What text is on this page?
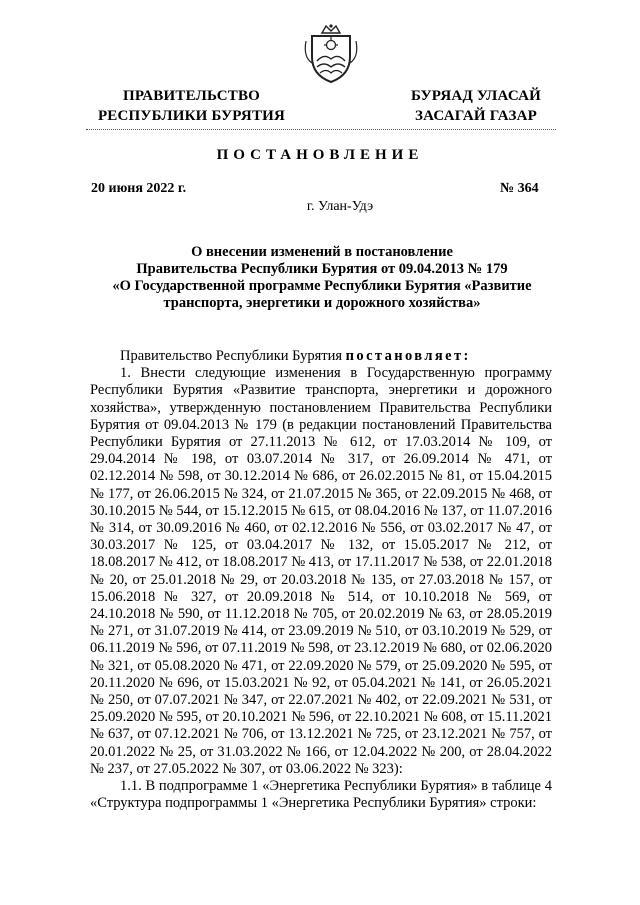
ПРАВИТЕЛЬСТВО
РЕСПУБЛИКИ БУРЯТИЯ
БУРЯАД УЛАСАЙ
ЗАСАГАЙ ГАЗАР
ПОСТАНОВЛЕНИЕ
20 июня 2022 г.	№ 364
г. Улан-Удэ
О внесении изменений в постановление
Правительства Республики Бурятия от 09.04.2013 № 179
«О Государственной программе Республики Бурятия «Развитие
транспорта, энергетики и дорожного хозяйства»

Правительство Республики Бурятия постановляет:

1. Внести следующие изменения в Государственную программу Республики Бурятия «Развитие транспорта, энергетики и дорожного хозяйства», утвержденную постановлением Правительства Республики Бурятия от 09.04.2013 № 179 (в редакции постановлений Правительства Республики Бурятия от 27.11.2013 № 612, от 17.03.2014 № 109, от 29.04.2014 № 198, от 03.07.2014 № 317, от 26.09.2014 № 471, от 02.12.2014 № 598, от 30.12.2014 № 686, от 26.02.2015 № 81, от 15.04.2015 № 177, от 26.06.2015 № 324, от 21.07.2015 № 365, от 22.09.2015 № 468, от 30.10.2015 № 544, от 15.12.2015 № 615, от 08.04.2016 № 137, от 11.07.2016 № 314, от 30.09.2016 № 460, от 02.12.2016 № 556, от 03.02.2017 № 47, от 30.03.2017 № 125, от 03.04.2017 № 132, от 15.05.2017 № 212, от 18.08.2017 № 412, от 18.08.2017 № 413, от 17.11.2017 № 538, от 22.01.2018 № 20, от 25.01.2018 № 29, от 20.03.2018 № 135, от 27.03.2018 № 157, от 15.06.2018 № 327, от 20.09.2018 № 514, от 10.10.2018 № 569, от 24.10.2018 № 590, от 11.12.2018 № 705, от 20.02.2019 № 63, от 28.05.2019 № 271, от 31.07.2019 № 414, от 23.09.2019 № 510, от 03.10.2019 № 529, от 06.11.2019 № 596, от 07.11.2019 № 598, от 23.12.2019 № 680, от 02.06.2020 № 321, от 05.08.2020 № 471, от 22.09.2020 № 579, от 25.09.2020 № 595, от 20.11.2020 № 696, от 15.03.2021 № 92, от 05.04.2021 № 141, от 26.05.2021 № 250, от 07.07.2021 № 347, от 22.07.2021 № 402, от 22.09.2021 № 531, от 25.09.2020 № 595, от 20.10.2021 № 596, от 22.10.2021 № 608, от 15.11.2021 № 637, от 07.12.2021 № 706, от 13.12.2021 № 725, от 23.12.2021 № 757, от 20.01.2022 № 25, от 31.03.2022 № 166, от 12.04.2022 № 200, от 28.04.2022 № 237, от 27.05.2022 № 307, от 03.06.2022 № 323):

1.1. В подпрограмме 1 «Энергетика Республики Бурятия» в таблице 4 «Структура подпрограммы 1 «Энергетика Республики Бурятия» строки:
